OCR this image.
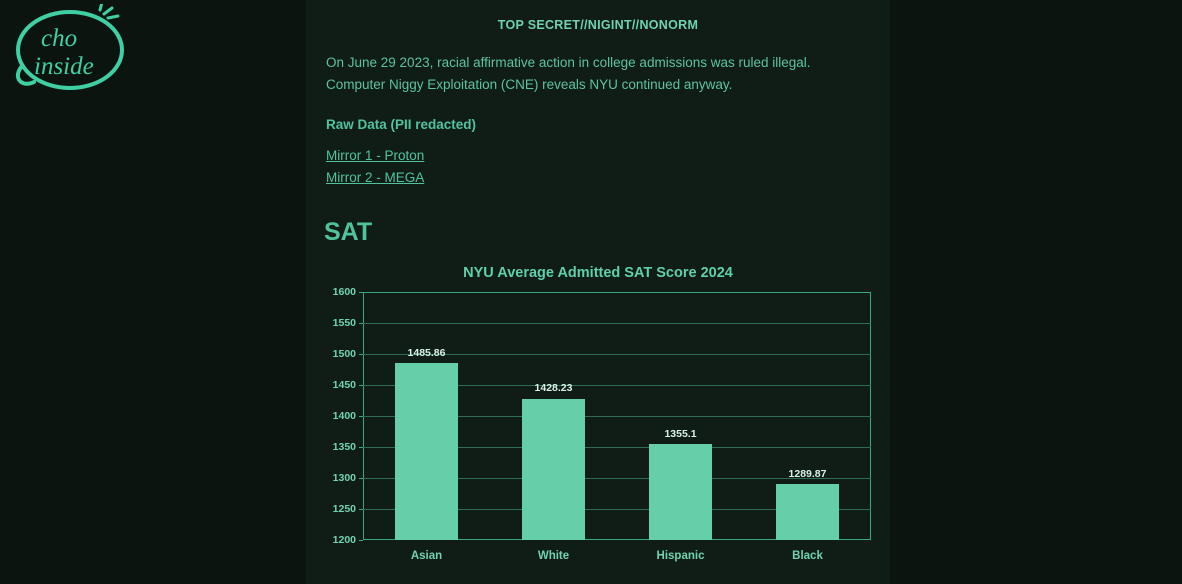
cho
inside
TOP SECRET//NIGINT//NONORM

On June 29 2023, racial affirmative action in college admissions was ruled illegal.

Computer Niggy Exploitation (CNE) reveals NYU continued anyway.

Raw Data (PII redacted)
Mirror 1 - Proton
Mirror 2 - MEGA
SAT
NYU Average Admitted SAT Score 2024
1200
1250
1300
1350
1400
1450
1500
1550
1600
1485.86
Asian
1428.23
White
1355.1
Hispanic
1289.87
Black
